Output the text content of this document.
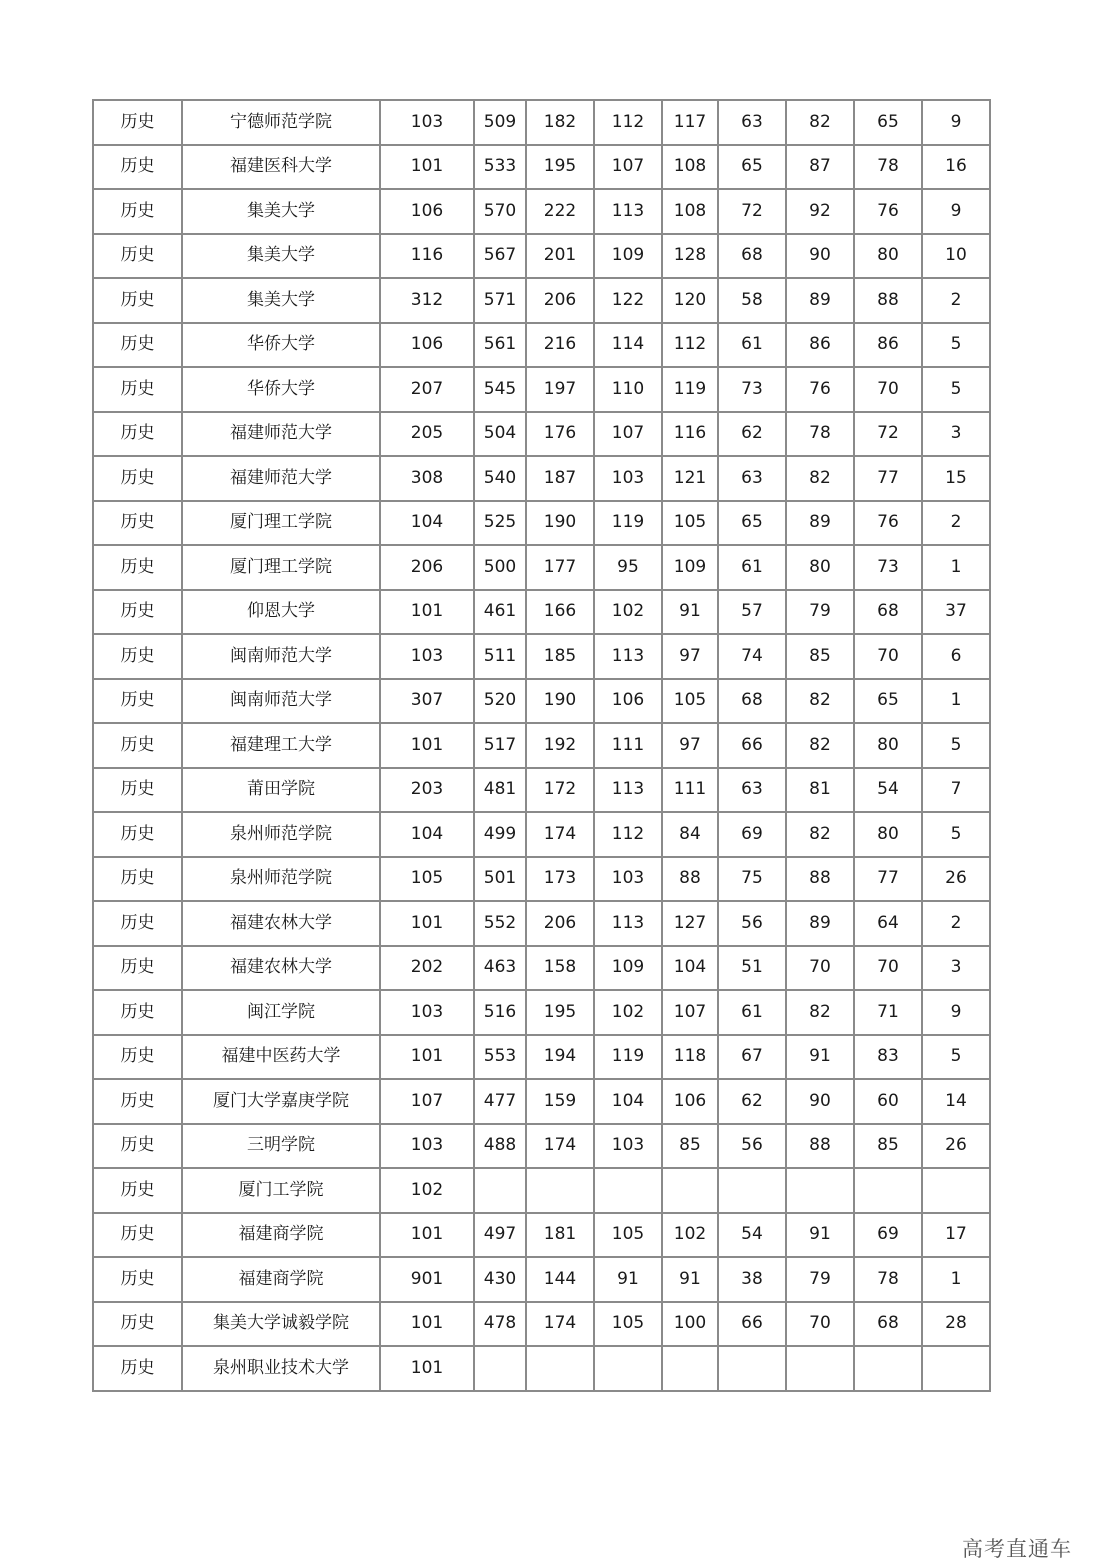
历史	宁德师范学院	103	509	182	112	117	63	82	65	9
历史	福建医科大学	101	533	195	107	108	65	87	78	16
历史	集美大学	106	570	222	113	108	72	92	76	9
历史	集美大学	116	567	201	109	128	68	90	80	10
历史	集美大学	312	571	206	122	120	58	89	88	2
历史	华侨大学	106	561	216	114	112	61	86	86	5
历史	华侨大学	207	545	197	110	119	73	76	70	5
历史	福建师范大学	205	504	176	107	116	62	78	72	3
历史	福建师范大学	308	540	187	103	121	63	82	77	15
历史	厦门理工学院	104	525	190	119	105	65	89	76	2
历史	厦门理工学院	206	500	177	95	109	61	80	73	1
历史	仰恩大学	101	461	166	102	91	57	79	68	37
历史	闽南师范大学	103	511	185	113	97	74	85	70	6
历史	闽南师范大学	307	520	190	106	105	68	82	65	1
历史	福建理工大学	101	517	192	111	97	66	82	80	5
历史	莆田学院	203	481	172	113	111	63	81	54	7
历史	泉州师范学院	104	499	174	112	84	69	82	80	5
历史	泉州师范学院	105	501	173	103	88	75	88	77	26
历史	福建农林大学	101	552	206	113	127	56	89	64	2
历史	福建农林大学	202	463	158	109	104	51	70	70	3
历史	闽江学院	103	516	195	102	107	61	82	71	9
历史	福建中医药大学	101	553	194	119	118	67	91	83	5
历史	厦门大学嘉庚学院	107	477	159	104	106	62	90	60	14
历史	三明学院	103	488	174	103	85	56	88	85	26
历史	厦门工学院	102								
历史	福建商学院	101	497	181	105	102	54	91	69	17
历史	福建商学院	901	430	144	91	91	38	79	78	1
历史	集美大学诚毅学院	101	478	174	105	100	66	70	68	28
历史	泉州职业技术大学	101								
高考直通车
